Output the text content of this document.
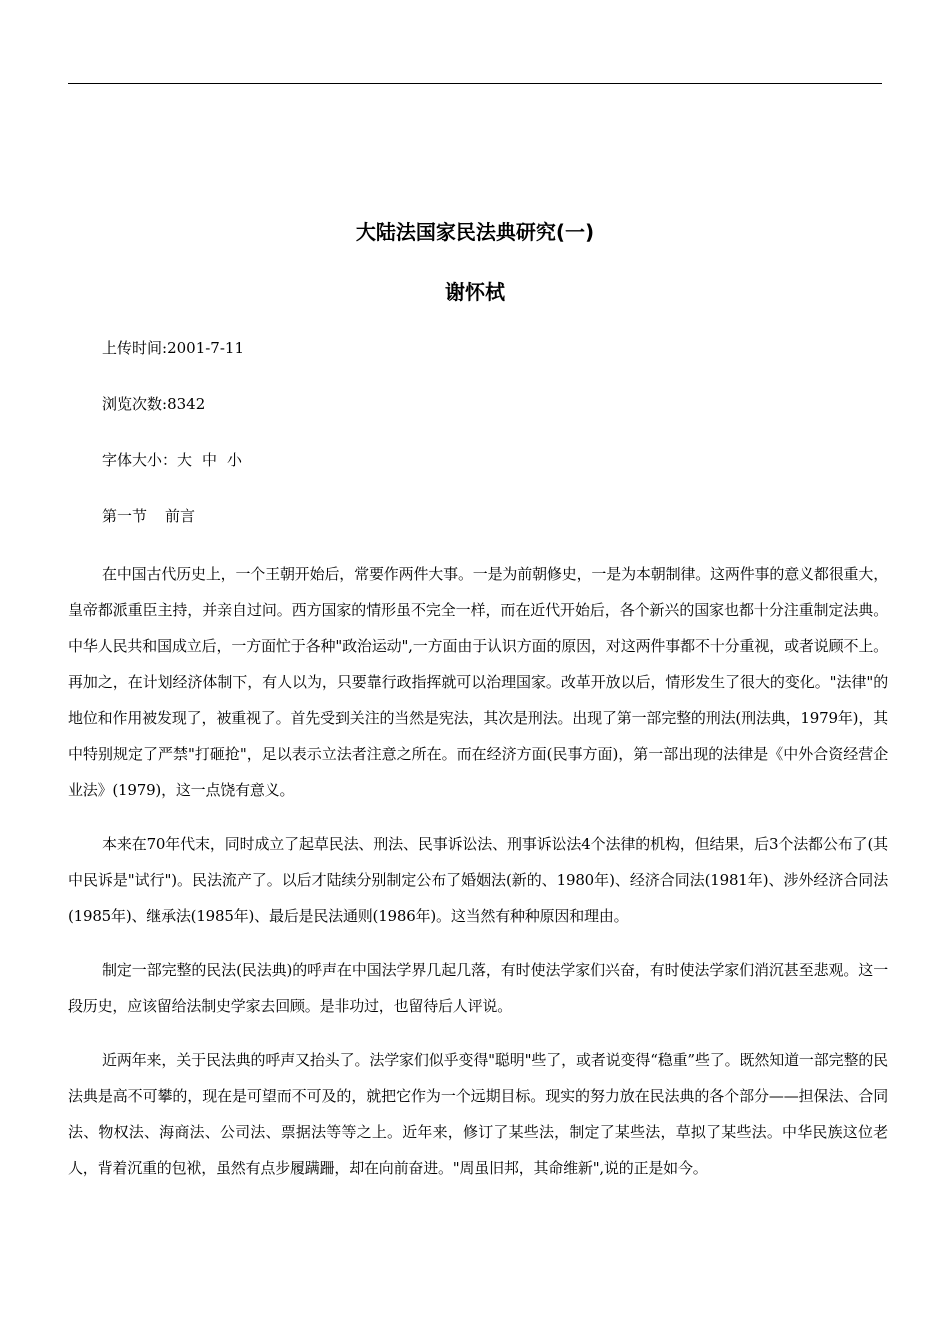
大陆法国家民法典研究(一)
谢怀栻

上传时间:2001-7-11

浏览次数:8342

字体大小：大 中 小

第一节 前言

在中国古代历史上，一个王朝开始后，常要作两件大事。一是为前朝修史，一是为本朝制律。这两件事的意义都很重大，皇帝都派重臣主持，并亲自过问。西方国家的情形虽不完全一样，而在近代开始后，各个新兴的国家也都十分注重制定法典。中华人民共和国成立后，一方面忙于各种"政治运动",一方面由于认识方面的原因，对这两件事都不十分重视，或者说顾不上。再加之，在计划经济体制下，有人以为，只要靠行政指挥就可以治理国家。改革开放以后，情形发生了很大的变化。"法律"的地位和作用被发现了，被重视了。首先受到关注的当然是宪法，其次是刑法。出现了第一部完整的刑法(刑法典，1979年)，其中特别规定了严禁"打砸抢"，足以表示立法者注意之所在。而在经济方面(民事方面)，第一部出现的法律是《中外合资经营企业法》(1979)，这一点饶有意义。

本来在70年代末，同时成立了起草民法、刑法、民事诉讼法、刑事诉讼法4个法律的机构，但结果，后3个法都公布了(其中民诉是"试行")。民法流产了。以后才陆续分别制定公布了婚姻法(新的、1980年)、经济合同法(1981年)、涉外经济合同法(1985年)、继承法(1985年)、最后是民法通则(1986年)。这当然有种种原因和理由。

制定一部完整的民法(民法典)的呼声在中国法学界几起几落，有时使法学家们兴奋，有时使法学家们消沉甚至悲观。这一段历史，应该留给法制史学家去回顾。是非功过，也留待后人评说。

近两年来，关于民法典的呼声又抬头了。法学家们似乎变得"聪明"些了，或者说变得“稳重”些了。既然知道一部完整的民法典是高不可攀的，现在是可望而不可及的，就把它作为一个远期目标。现实的努力放在民法典的各个部分——担保法、合同法、物权法、海商法、公司法、票据法等等之上。近年来，修订了某些法，制定了某些法，草拟了某些法。中华民族这位老人，背着沉重的包袱，虽然有点步履蹒跚，却在向前奋进。"周虽旧邦，其命维新",说的正是如今。
